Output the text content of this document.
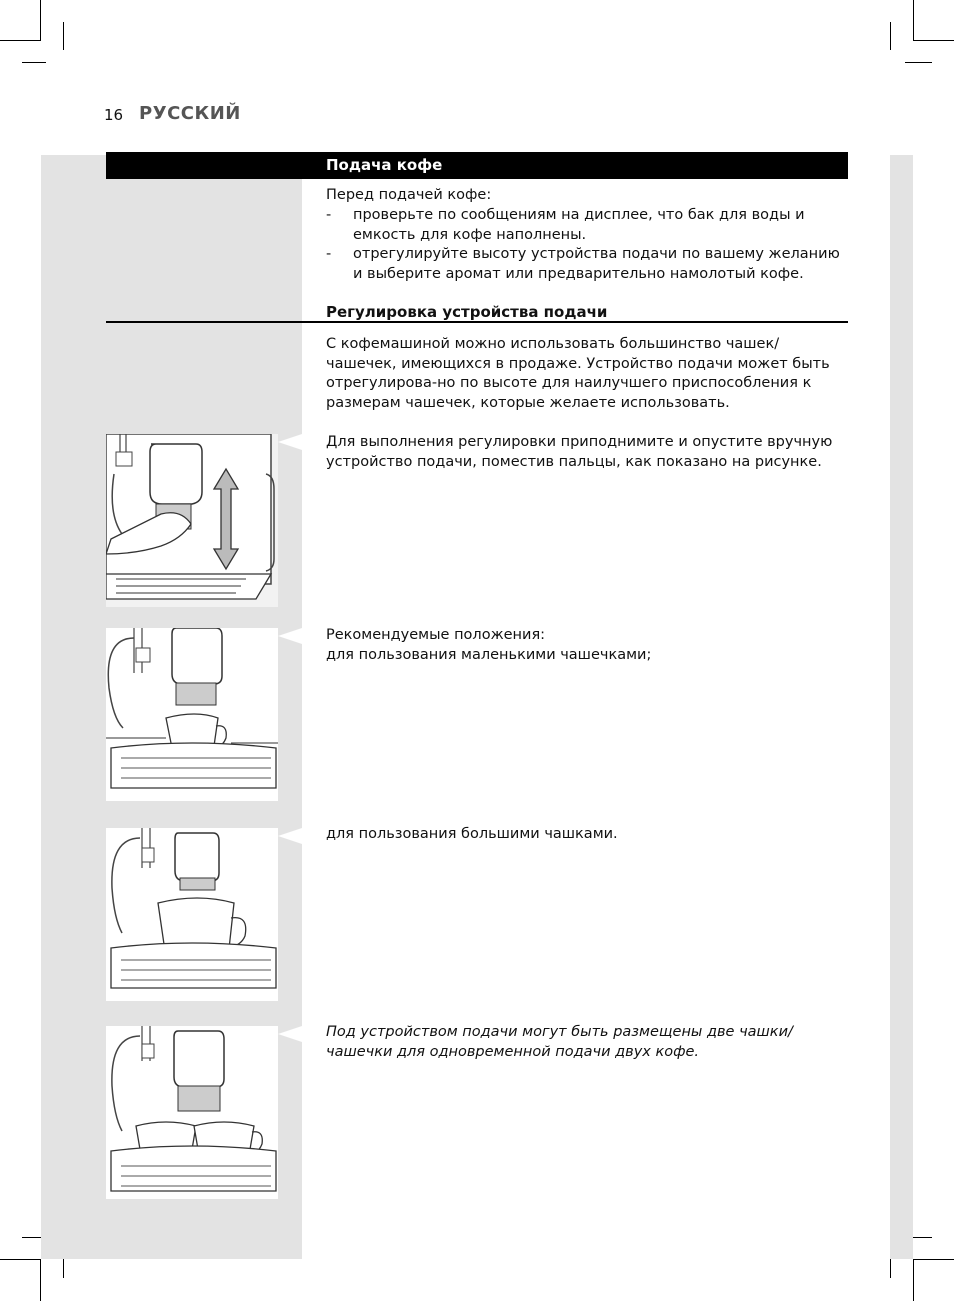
16 РУССКИЙ
Подача кофе
Перед подачей кофе:
- проверьте по сообщениям на дисплее, что бак для воды и емкость для кофе наполнены.
- отрегулируйте высоту устройства подачи по вашему желанию и выберите аромат или предварительно намолотый кофе.
Регулировка устройства подачи
С кофемашиной можно использовать большинство чашек/чашечек, имеющихся в продаже. Устройство подачи может быть отрегулирова-но по высоте для наилучшего приспособления к размерам чашечек, которые желаете использовать.
Для выполнения регулировки приподнимите и опустите вручную устройство подачи, поместив пальцы, как показано на рисунке.
Рекомендуемые положения:
для пользования маленькими чашечками;
для пользования большими чашками.
Под устройством подачи могут быть размещены две чашки/чашечки для одновременной подачи двух кофе.
